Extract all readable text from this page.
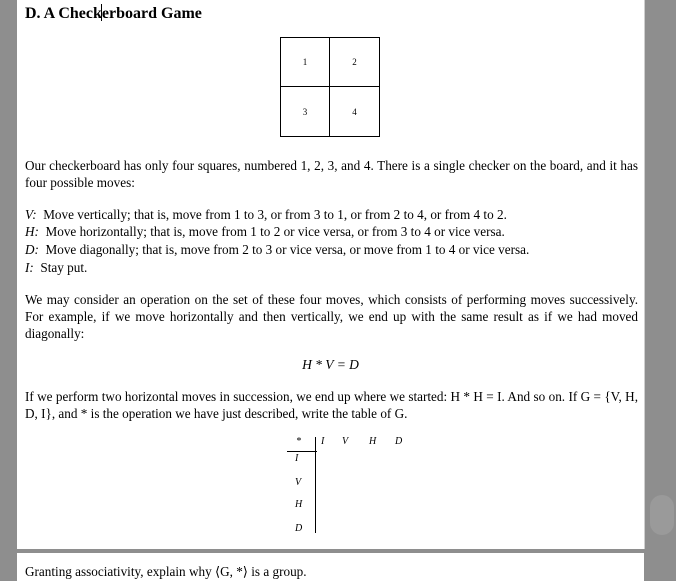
D. A Checkerboard Game
1	2
3	4
Our checkerboard has only four squares, numbered 1, 2, 3, and 4. There is a single checker on the board, and it has four possible moves:
V: Move vertically; that is, move from 1 to 3, or from 3 to 1, or from 2 to 4, or from 4 to 2.
H: Move horizontally; that is, move from 1 to 2 or vice versa, or from 3 to 4 or vice versa.
D: Move diagonally; that is, move from 2 to 3 or vice versa, or move from 1 to 4 or vice versa.
I: Stay put.
We may consider an operation on the set of these four moves, which consists of performing moves successively. For example, if we move horizontally and then vertically, we end up with the same result as if we had moved diagonally:
H * V = D
If we perform two horizontal moves in succession, we end up where we started: H * H = I. And so on. If G = {V, H, D, I}, and * is the operation we have just described, write the table of G.
* I V H D
I
V
H
D
Granting associativity, explain why ⟨G, *⟩ is a group.
